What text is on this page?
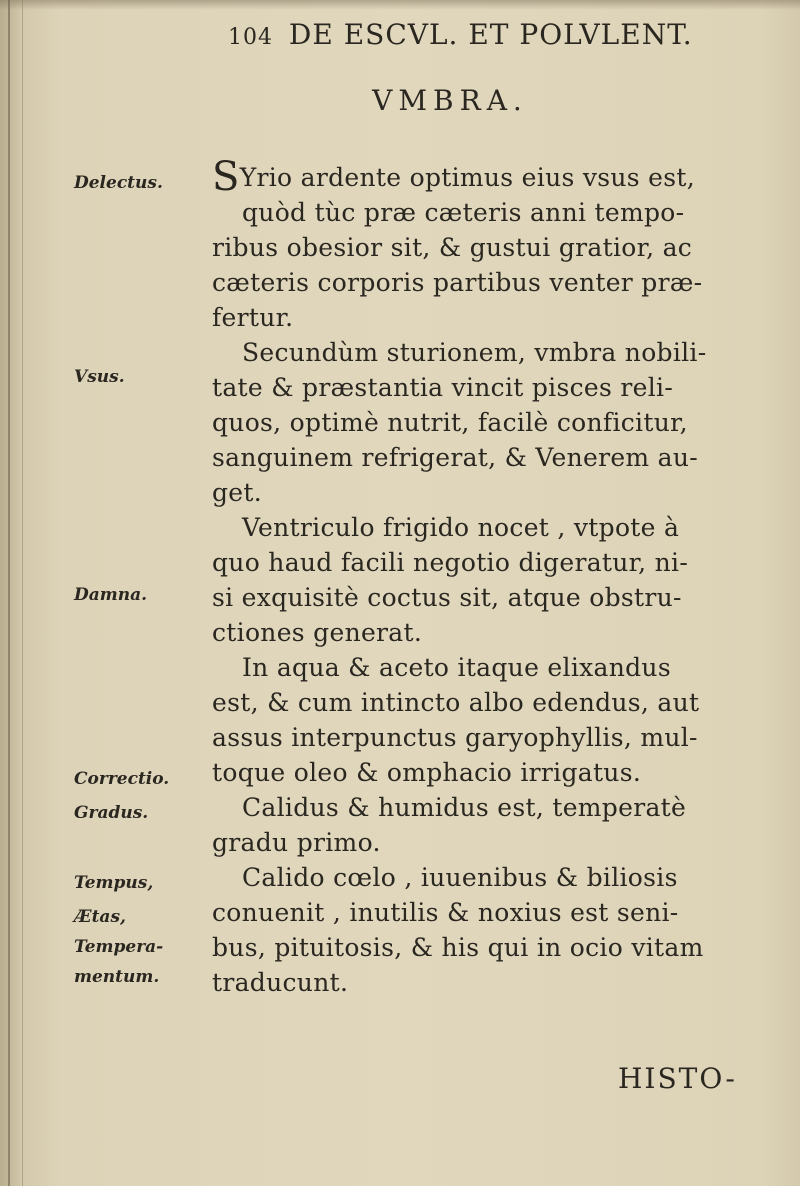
104 DE ESCVL. ET POLVLENT.
VMBRA.
Delectus.
Vsus.
Damna.
Correctio.
Gradus.
Tempus,
Ætas,
Tempera-
mentum.
SYrio ardente optimus eius vsus est,
quòd tùc præ cæteris anni tempo-
ribus obesior sit, & gustui gratior, ac
cæteris corporis partibus venter præ-
fertur.
Secundùm sturionem, vmbra nobili-
tate & præstantia vincit pisces reli-
quos, optimè nutrit, facilè conficitur,
sanguinem refrigerat, & Venerem au-
get.
Ventriculo frigido nocet , vtpote à
quo haud facili negotio digeratur, ni-
si exquisitè coctus sit, atque obstru-
ctiones generat.
In aqua & aceto itaque elixandus
est, & cum intincto albo edendus, aut
assus interpunctus garyophyllis, mul-
toque oleo & omphacio irrigatus.
Calidus & humidus est, temperatè
gradu primo.
Calido cœlo , iuuenibus & biliosis
conuenit , inutilis & noxius est seni-
bus, pituitosis, & his qui in ocio vitam
traducunt.
HISTO-
